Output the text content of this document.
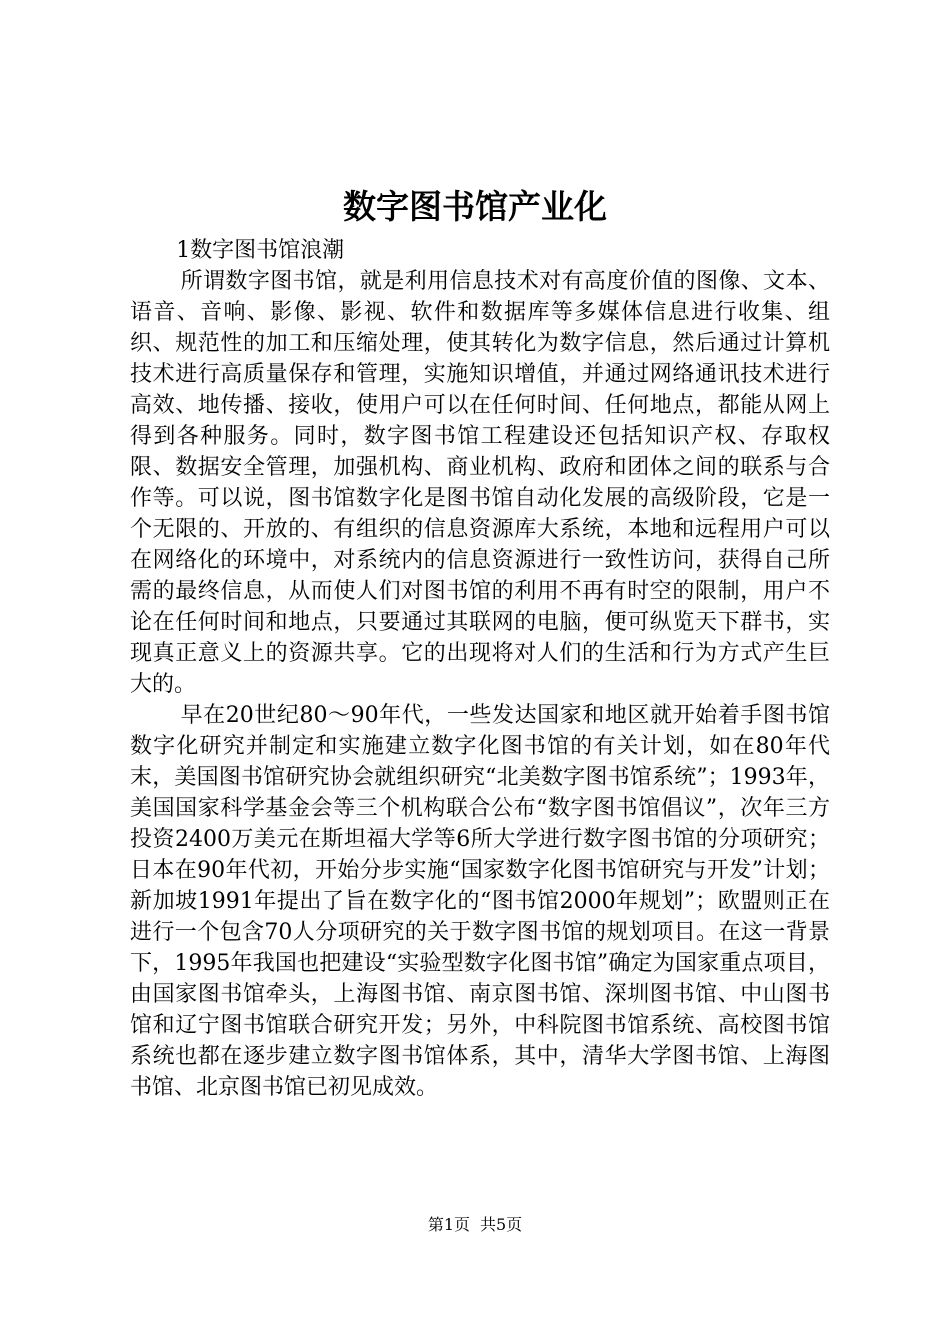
数字图书馆产业化

1数字图书馆浪潮

所谓数字图书馆，就是利用信息技术对有高度价值的图像、文本、语音、音响、影像、影视、软件和数据库等多媒体信息进行收集、组织、规范性的加工和压缩处理，使其转化为数字信息，然后通过计算机技术进行高质量保存和管理，实施知识增值，并通过网络通讯技术进行高效、地传播、接收，使用户可以在任何时间、任何地点，都能从网上得到各种服务。同时，数字图书馆工程建设还包括知识产权、存取权限、数据安全管理，加强机构、商业机构、政府和团体之间的联系与合作等。可以说，图书馆数字化是图书馆自动化发展的高级阶段，它是一个无限的、开放的、有组织的信息资源库大系统，本地和远程用户可以在网络化的环境中，对系统内的信息资源进行一致性访问，获得自己所需的最终信息，从而使人们对图书馆的利用不再有时空的限制，用户不论在任何时间和地点，只要通过其联网的电脑，便可纵览天下群书，实现真正意义上的资源共享。它的出现将对人们的生活和行为方式产生巨大的。

早在20世纪80～90年代，一些发达国家和地区就开始着手图书馆数字化研究并制定和实施建立数字化图书馆的有关计划，如在80年代末，美国图书馆研究协会就组织研究“北美数字图书馆系统”；1993年，美国国家科学基金会等三个机构联合公布“数字图书馆倡议”，次年三方投资2400万美元在斯坦福大学等6所大学进行数字图书馆的分项研究；日本在90年代初，开始分步实施“国家数字化图书馆研究与开发”计划；新加坡1991年提出了旨在数字化的“图书馆2000年规划”；欧盟则正在进行一个包含70人分项研究的关于数字图书馆的规划项目。在这一背景下，1995年我国也把建设“实验型数字化图书馆”确定为国家重点项目，由国家图书馆牵头，上海图书馆、南京图书馆、深圳图书馆、中山图书馆和辽宁图书馆联合研究开发；另外，中科院图书馆系统、高校图书馆系统也都在逐步建立数字图书馆体系，其中，清华大学图书馆、上海图书馆、北京图书馆已初见成效。

第1页 共5页
